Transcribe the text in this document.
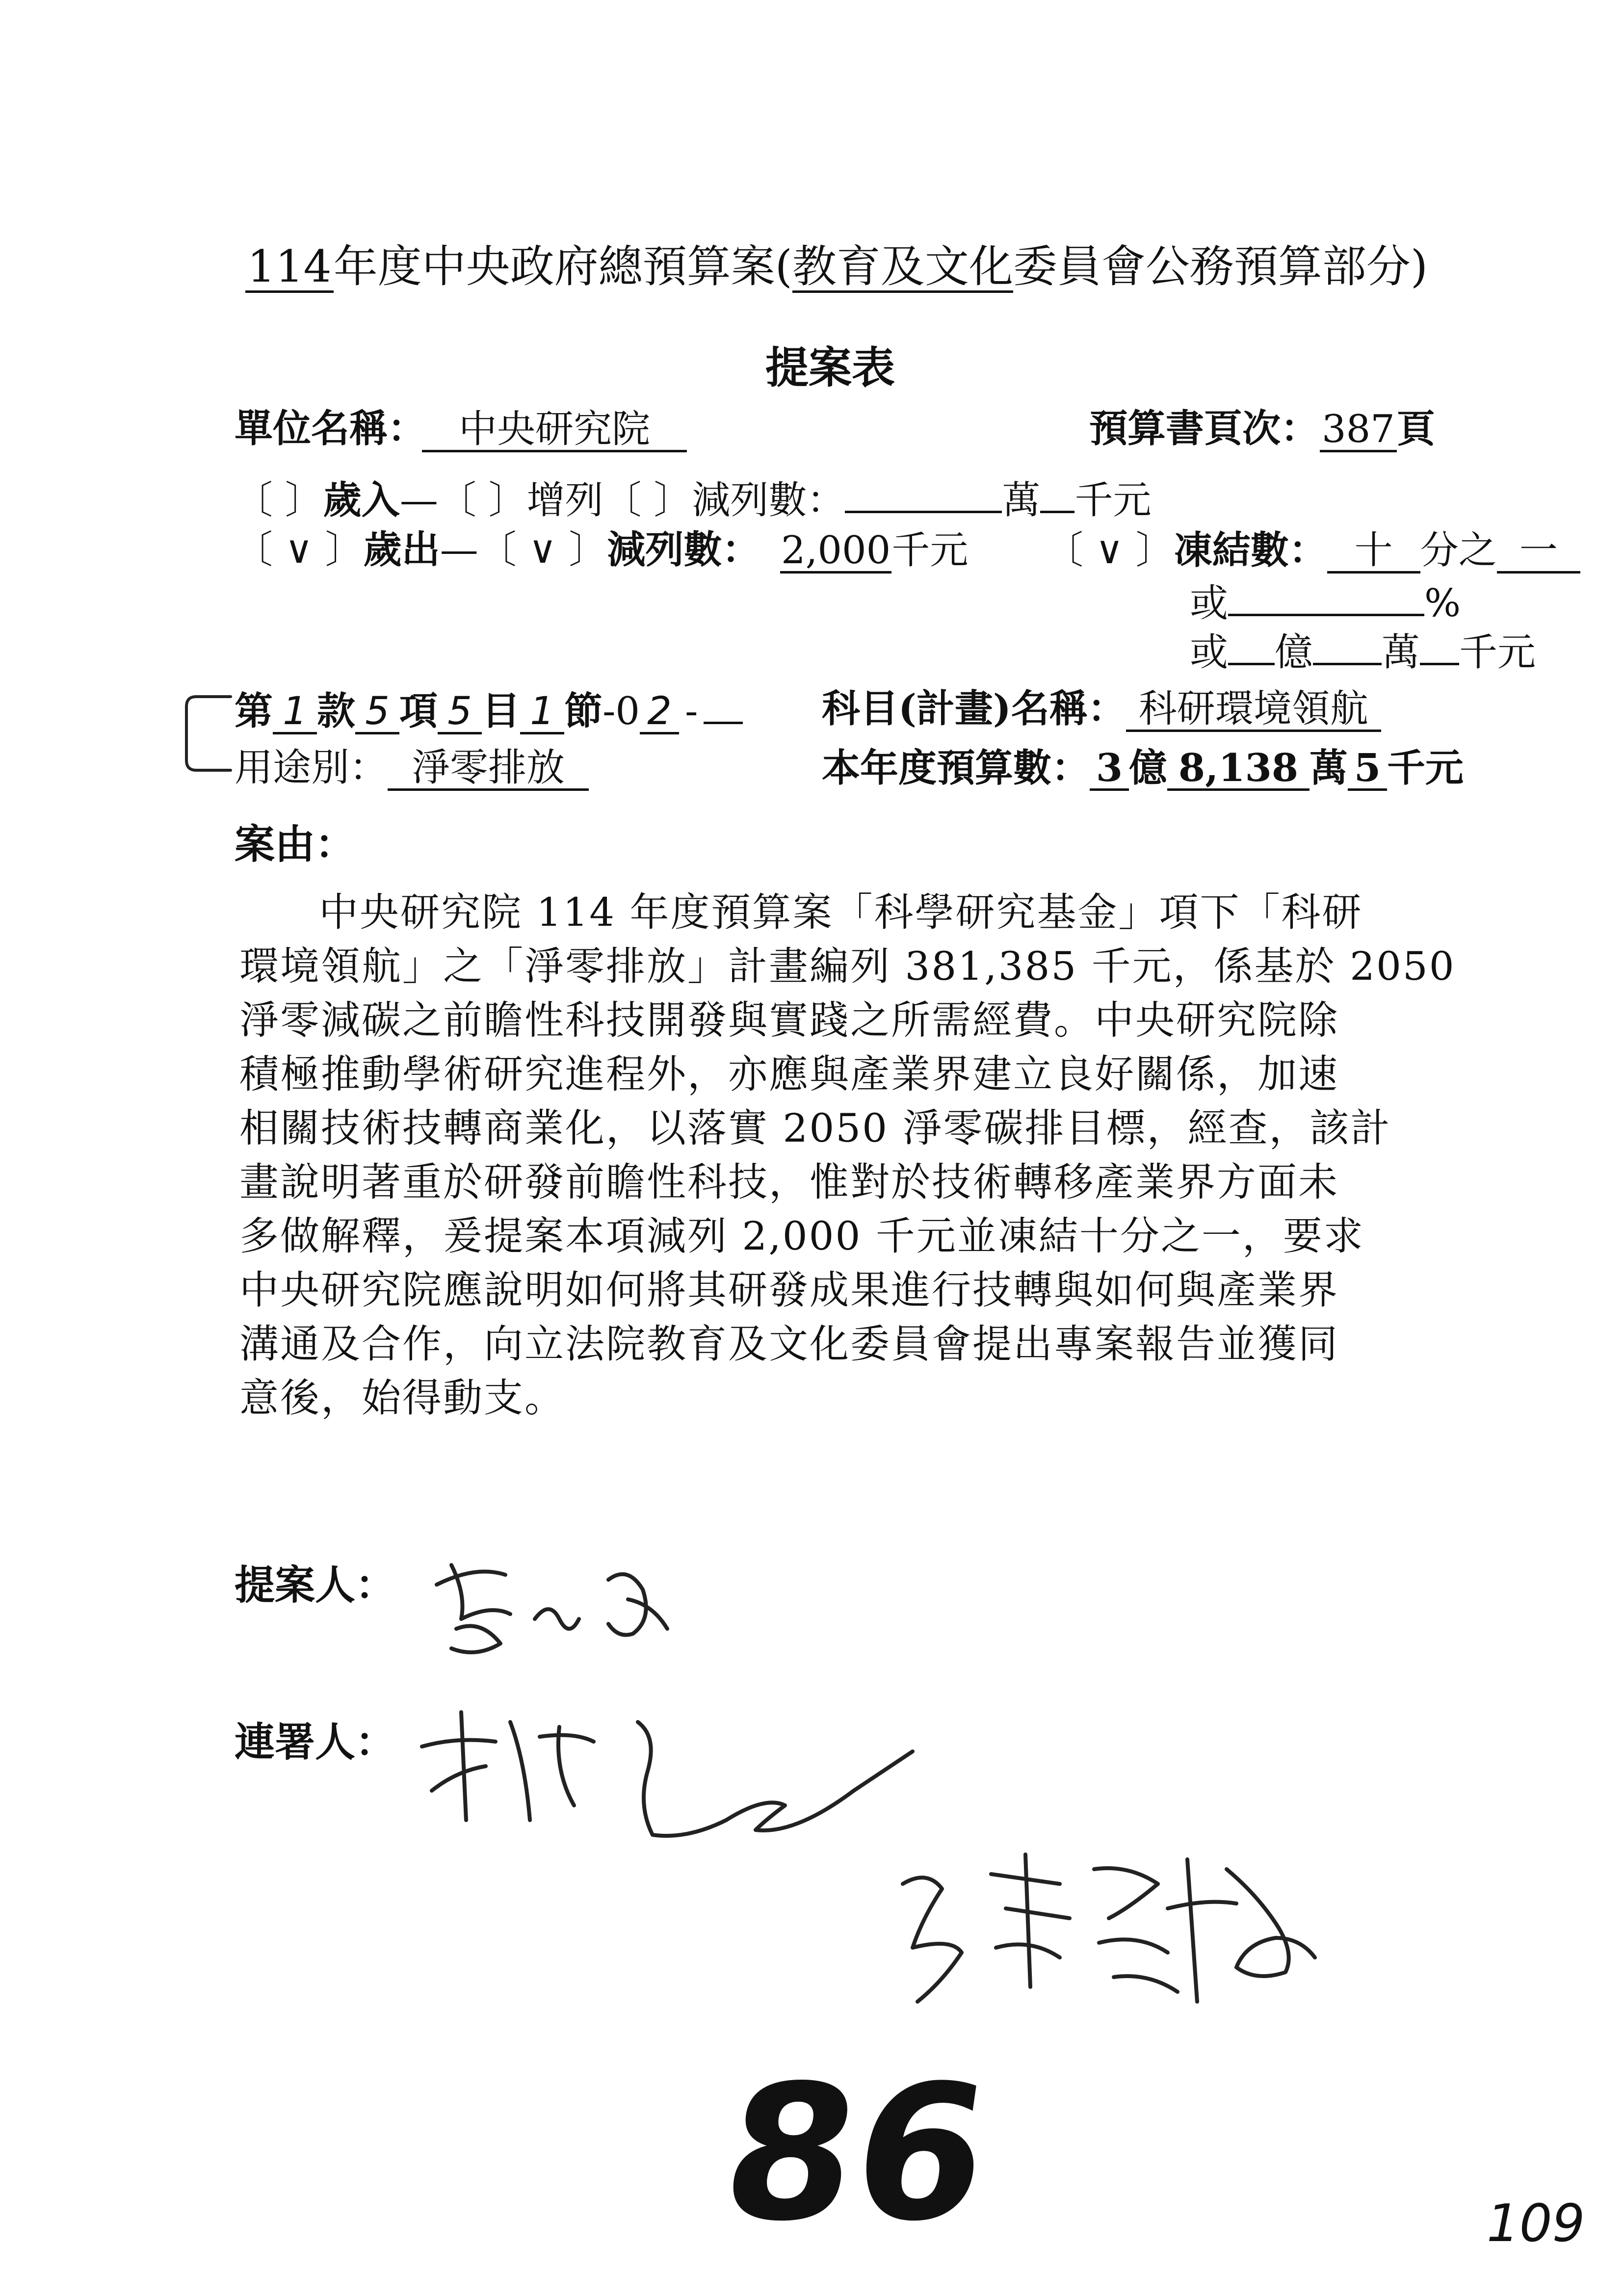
114年度中央政府總預算案(教育及文化委員會公務預算部分)
提案表
單位名稱： 中央研究院	預算書頁次： 387頁
〔 〕歲入—〔 〕增列〔 〕減列數：	萬 千元
〔 ∨ 〕歲出—〔 ∨ 〕減列數： 2,000千元 〔 ∨ 〕凍結數： 十 分之 一
或	%
或 億 萬 千元
第 1 款 5 項 5 目 1 節-0 2 -	科目(計畫)名稱： 科研環境領航
用途別： 淨零排放	本年度預算數： 3 億 8,138 萬 5 千元
案由：
中央研究院 114 年度預算案「科學研究基金」項下「科研
環境領航」之「淨零排放」計畫編列 381,385 千元，係基於 2050
淨零減碳之前瞻性科技開發與實踐之所需經費。中央研究院除
積極推動學術研究進程外，亦應與產業界建立良好關係，加速
相關技術技轉商業化，以落實 2050 淨零碳排目標，經查，該計
畫說明著重於研發前瞻性科技，惟對於技術轉移產業界方面未
多做解釋，爰提案本項減列 2,000 千元並凍結十分之一，要求
中央研究院應說明如何將其研發成果進行技轉與如何與產業界
溝通及合作，向立法院教育及文化委員會提出專案報告並獲同
意後，始得動支。
提案人：
連署人：
86	109
